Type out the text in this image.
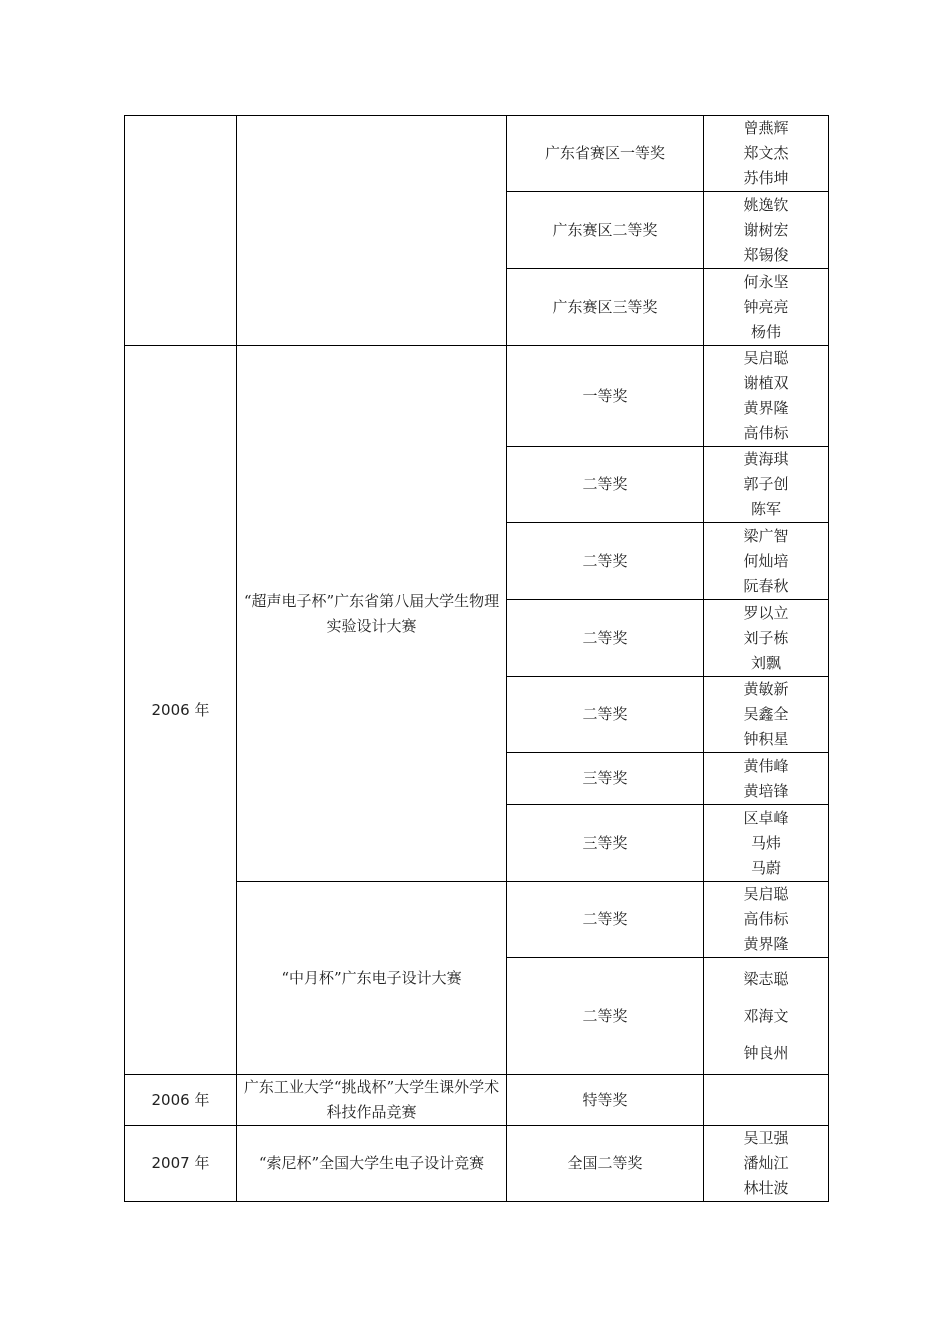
		广东省赛区一等奖	曾燕辉
郑文杰
苏伟坤

		广东赛区二等奖	姚逸钦
谢树宏
郑锡俊

		广东赛区三等奖	何永坚
钟亮亮
杨伟

2006 年	“超声电子杯”广东省第八届大学生物理实验设计大赛	一等奖	吴启聪
谢植双
黄界隆
高伟标

		二等奖	黄海琪
郭子创
陈军

		二等奖	梁广智
何灿培
阮春秋

		二等奖	罗以立
刘子栋
刘飘

		二等奖	黄敏新
吴鑫全
钟积星

		三等奖	黄伟峰
黄培锋

		三等奖	区卓峰
马炜
马蔚

	“中月杯”广东电子设计大赛	二等奖	吴启聪
高伟标
黄界隆

		二等奖	梁志聪
邓海文
钟良州

2006 年	广东工业大学“挑战杯”大学生课外学术科技作品竞赛	特等奖	
2007 年	“索尼杯”全国大学生电子设计竞赛	全国二等奖	吴卫强
潘灿江
林壮波
